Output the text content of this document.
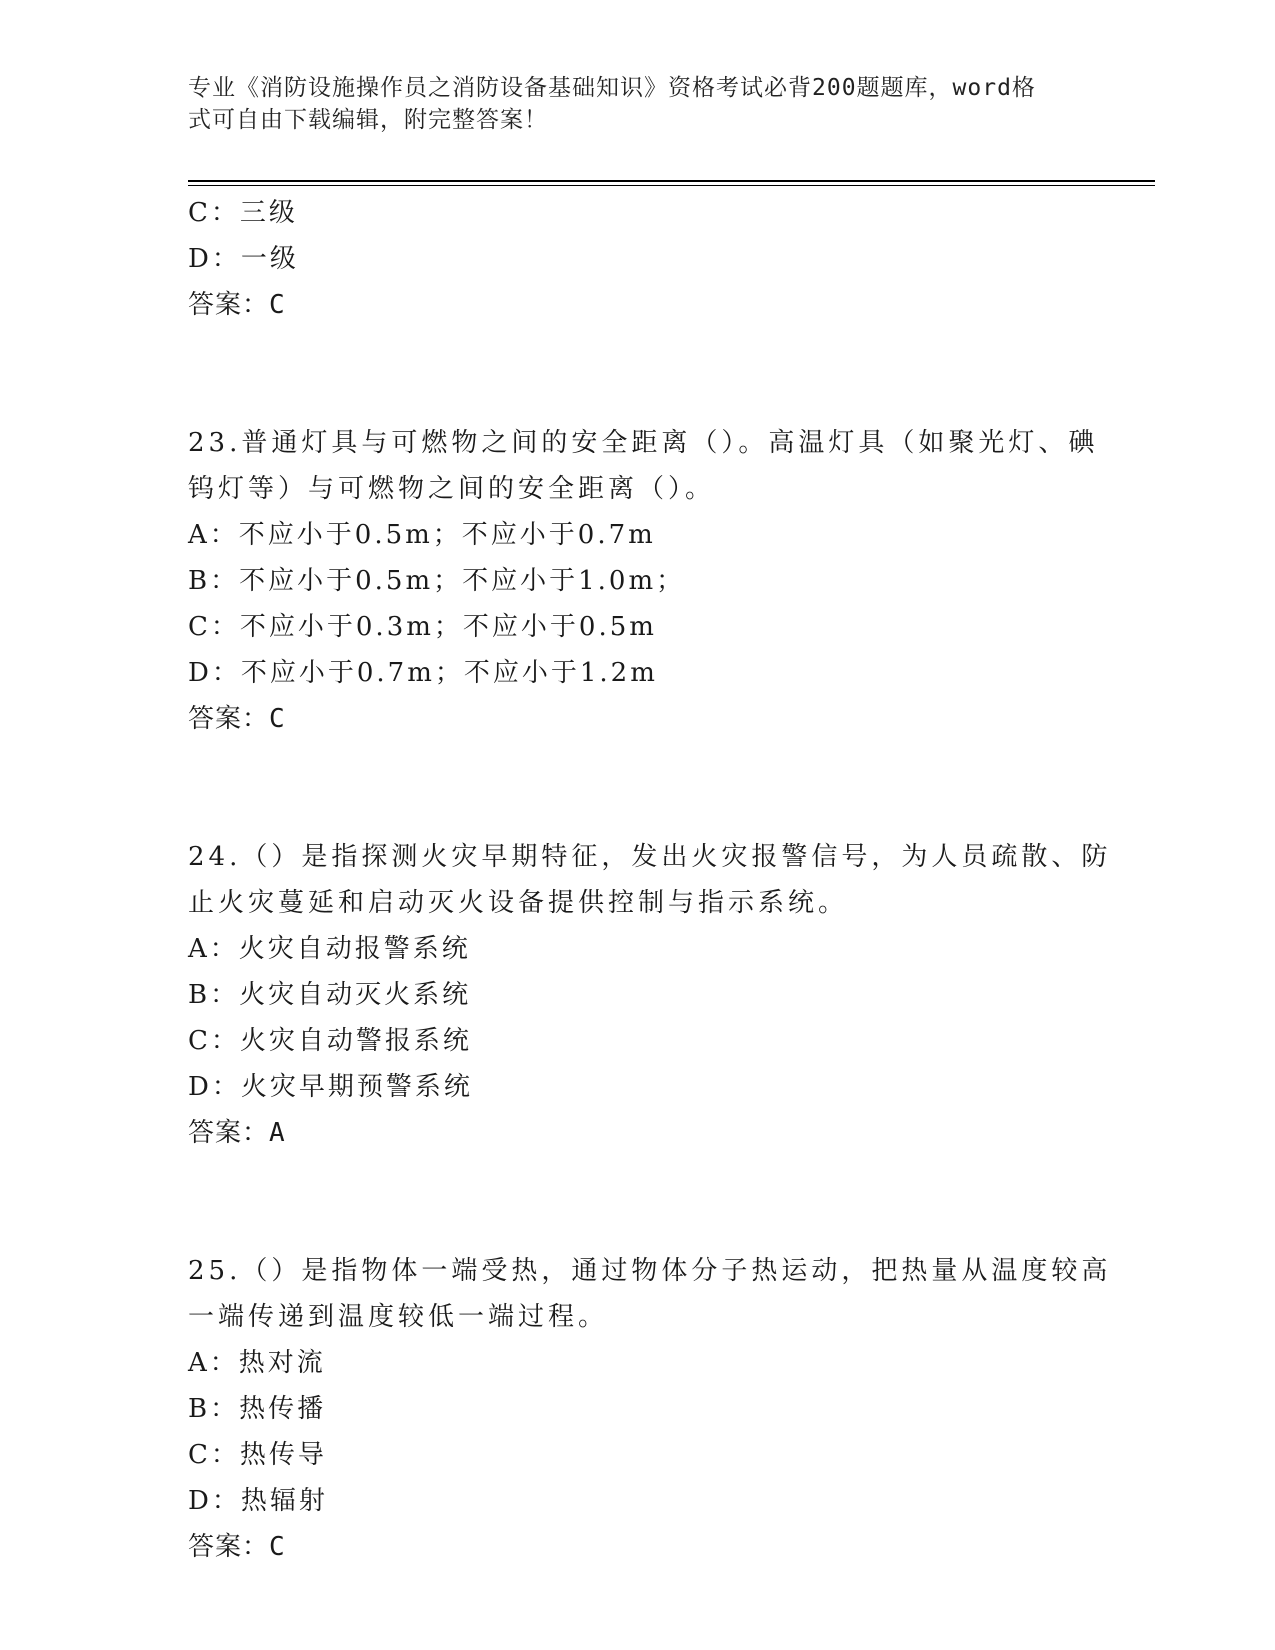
专业《消防设施操作员之消防设备基础知识》资格考试必背200题题库，word格
式可自由下载编辑，附完整答案！
C：三级
D：一级
答案：C
23.普通灯具与可燃物之间的安全距离（）。高温灯具（如聚光灯、碘
钨灯等）与可燃物之间的安全距离（）。
A：不应小于0.5m；不应小于0.7m
B：不应小于0.5m；不应小于1.0m；
C：不应小于0.3m；不应小于0.5m
D：不应小于0.7m；不应小于1.2m
答案：C
24.（）是指探测火灾早期特征，发出火灾报警信号，为人员疏散、防
止火灾蔓延和启动灭火设备提供控制与指示系统。
A：火灾自动报警系统
B：火灾自动灭火系统
C：火灾自动警报系统
D：火灾早期预警系统
答案：A
25.（）是指物体一端受热，通过物体分子热运动，把热量从温度较高
一端传递到温度较低一端过程。
A：热对流
B：热传播
C：热传导
D：热辐射
答案：C
